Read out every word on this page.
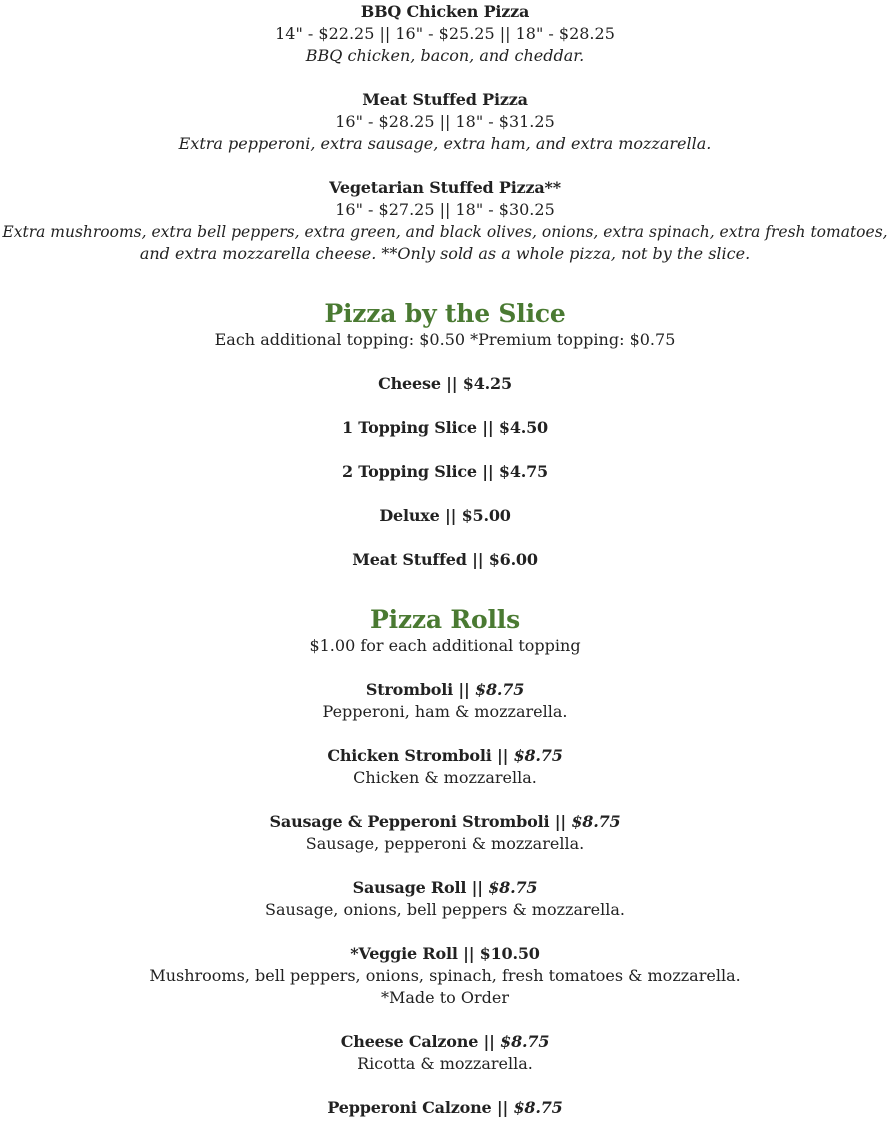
BBQ Chicken Pizza

14" - $22.25 || 16" - $25.25 || 18" - $28.25

BBQ chicken, bacon, and cheddar.

Meat Stuffed Pizza

16" - $28.25 || 18" - $31.25

Extra pepperoni, extra sausage, extra ham, and extra mozzarella.

Vegetarian Stuffed Pizza**

16" - $27.25 || 18" - $30.25

Extra mushrooms, extra bell peppers, extra green, and black olives, onions, extra spinach, extra fresh tomatoes,

and extra mozzarella cheese. **Only sold as a whole pizza, not by the slice.

Pizza by the Slice

Each additional topping: $0.50 *Premium topping: $0.75

Cheese || $4.25

1 Topping Slice || $4.50

2 Topping Slice || $4.75

Deluxe || $5.00

Meat Stuffed || $6.00

Pizza Rolls

$1.00 for each additional topping

Stromboli || $8.75

Pepperoni, ham & mozzarella.

Chicken Stromboli || $8.75

Chicken & mozzarella.

Sausage & Pepperoni Stromboli || $8.75

Sausage, pepperoni & mozzarella.

Sausage Roll || $8.75

Sausage, onions, bell peppers & mozzarella.

*Veggie Roll || $10.50

Mushrooms, bell peppers, onions, spinach, fresh tomatoes & mozzarella.

*Made to Order

Cheese Calzone || $8.75

Ricotta & mozzarella.

Pepperoni Calzone || $8.75
